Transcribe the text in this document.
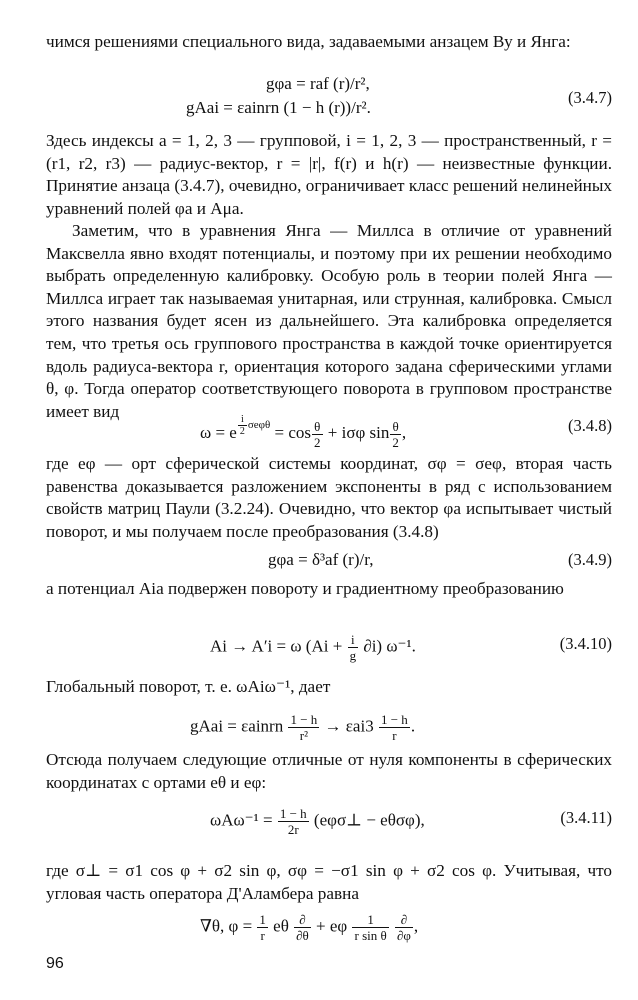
чимся решениями специального вида, задаваемыми анзацем Ву и Янга:

gφa = raf (r)/r²,
gAai = εainrn (1 − h (r))/r².
(3.4.7)

Здесь индексы a = 1, 2, 3 — групповой, i = 1, 2, 3 — пространственный, r = (r1, r2, r3) — радиус-вектор, r = |r|, f(r) и h(r) — неизвестные функции. Принятие анзаца (3.4.7), очевидно, ограничивает класс решений нелинейных уравнений полей φa и Aμa.

Заметим, что в уравнения Янга — Миллса в отличие от уравнений Максвелла явно входят потенциалы, и поэтому при их решении необходимо выбрать определенную калибровку. Особую роль в теории полей Янга — Миллса играет так называемая унитарная, или струнная, калибровка. Смысл этого названия будет ясен из дальнейшего. Эта калибровка определяется тем, что третья ось группового пространства в каждой точке ориентируется вдоль радиуса-вектора r, ориентация которого задана сферическими углами θ, φ. Тогда оператор соответствующего поворота в групповом пространстве имеет вид

ω = e $^{\frac{i}{2} \sigma e\varphi\theta} = \cos \frac{\theta}{2} + i\sigma\varphi$ $\sin \frac{\theta}{2}$ ,	(3.4.8)

где eφ — орт сферической системы координат, σφ = σeφ, вторая часть равенства доказывается разложением экспоненты в ряд с использованием свойств матриц Паули (3.2.24). Очевидно, что вектор φa испытывает чистый поворот, и мы получаем после преобразования (3.4.8)

gφa = δ³af (r)/r,	(3.4.9)

а потенциал Aia подвержен повороту и градиентному преобразованию

Ai → A′i = ω $(Ai + \frac{i}{g} \partial i)$ ω⁻¹.	(3.4.10)

Глобальный поворот, т. е. ωAiω⁻¹, дает

gAai = εainrn $\frac{1 - h}{\text{r²}} \to \varepsilon ai3 \frac{1 - h}{r}$ .

Отсюда получаем следующие отличные от нуля компоненты в сферических координатах с ортами eθ и eφ:

$\omega A\omega^{-1} = \frac{1 - h}{2r}$ (eφσ⊥ − eθσφ),	(3.4.11)

где σ⊥ = σ1 cos φ + σ2 sin φ, σφ = −σ1 sin φ + σ2 cos φ. Учитывая, что угловая часть оператора Д'Аламбера равна

∇θ, $\varphi = \frac{1}{r}$ eθ $\frac{\partial}{\partial\theta} + e\varphi \frac{1}{\text{r sin θ}}$
$\frac{\partial}{\partial\varphi}$ ,
96
